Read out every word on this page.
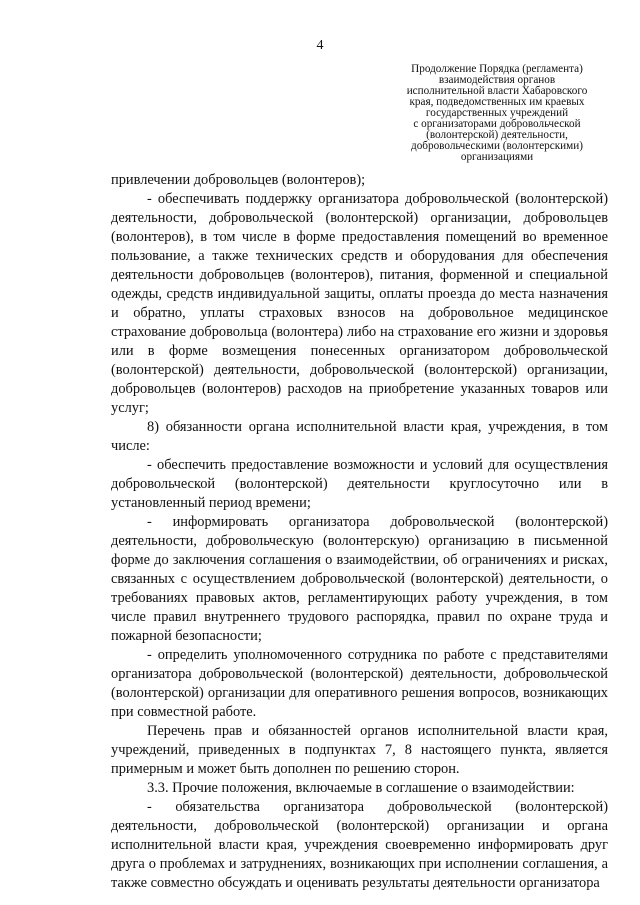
4
Продолжение Порядка (регламента)
взаимодействия органов
исполнительной власти Хабаровского
края, подведомственных им краевых
государственных учреждений
с организаторами добровольческой
(волонтерской) деятельности,
добровольческими (волонтерскими)
организациями

привлечении добровольцев (волонтеров);

- обеспечивать поддержку организатора добровольческой (волонтерской) деятельности, добровольческой (волонтерской) организации, добровольцев (волонтеров), в том числе в форме предоставления помещений во временное пользование, а также технических средств и оборудования для обеспечения деятельности добровольцев (волонтеров), питания, форменной и специальной одежды, средств индивидуальной защиты, оплаты проезда до места назначения и обратно, уплаты страховых взносов на добровольное медицинское страхование добровольца (волонтера) либо на страхование его жизни и здоровья или в форме возмещения понесенных организатором добровольческой (волонтерской) деятельности, добровольческой (волонтерской) организации, добровольцев (волонтеров) расходов на приобретение указанных товаров или услуг;

8) обязанности органа исполнительной власти края, учреждения, в том числе:

- обеспечить предоставление возможности и условий для осуществления добровольческой (волонтерской) деятельности круглосуточно или в установленный период времени;

- информировать организатора добровольческой (волонтерской) деятельности, добровольческую (волонтерскую) организацию в письменной форме до заключения соглашения о взаимодействии, об ограничениях и рисках, связанных с осуществлением добровольческой (волонтерской) деятельности, о требованиях правовых актов, регламентирующих работу учреждения, в том числе правил внутреннего трудового распорядка, правил по охране труда и пожарной безопасности;

- определить уполномоченного сотрудника по работе с представителями организатора добровольческой (волонтерской) деятельности, добровольческой (волонтерской) организации для оперативного решения вопросов, возникающих при совместной работе.

Перечень прав и обязанностей органов исполнительной власти края, учреждений, приведенных в подпунктах 7, 8 настоящего пункта, является примерным и может быть дополнен по решению сторон.

3.3. Прочие положения, включаемые в соглашение о взаимодействии:

- обязательства организатора добровольческой (волонтерской) деятельности, добровольческой (волонтерской) организации и органа исполнительной власти края, учреждения своевременно информировать друг друга о проблемах и затруднениях, возникающих при исполнении соглашения, а также совместно обсуждать и оценивать результаты деятельности организатора
